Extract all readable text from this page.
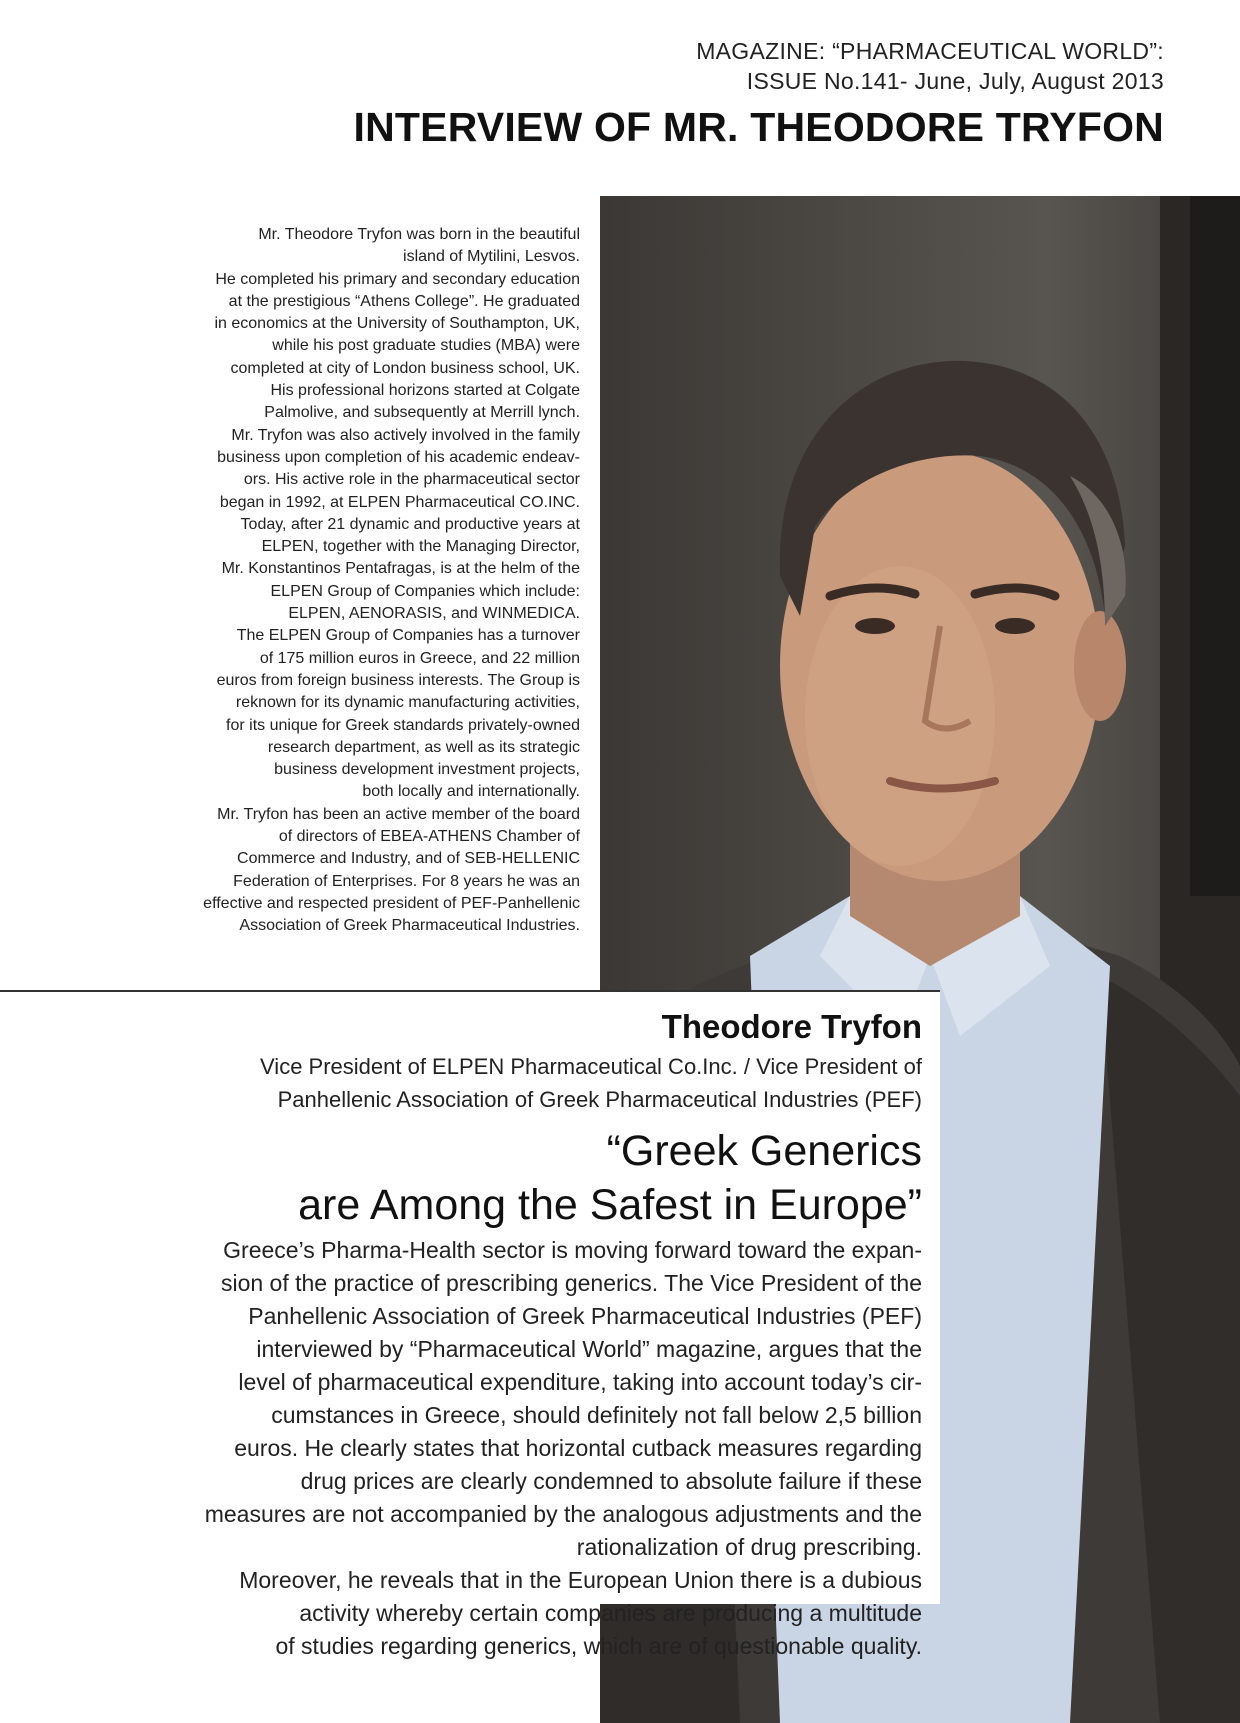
MAGAZINE: “PHARMACEUTICAL WORLD”:
ISSUE No.141- June, July, August 2013
INTERVIEW OF MR. THEODORE TRYFON
Mr. Theodore Tryfon was born in the beautiful
island of Mytilini, Lesvos.
He completed his primary and secondary education
at the prestigious “Athens College”. He graduated
in economics at the University of Southampton, UK,
while his post graduate studies (MBA) were
completed at city of London business school, UK.
His professional horizons started at Colgate
Palmolive, and subsequently at Merrill lynch.
Mr. Tryfon was also actively involved in the family
business upon completion of his academic endeav-
ors. His active role in the pharmaceutical sector
began in 1992, at ELPEN Pharmaceutical CO.INC.
Today, after 21 dynamic and productive years at
ELPEN, together with the Managing Director,
Mr. Konstantinos Pentafragas, is at the helm of the
ELPEN Group of Companies which include:
ELPEN, AENORASIS, and WINMEDICA.
The ELPEN Group of Companies has a turnover
of 175 million euros in Greece, and 22 million
euros from foreign business interests. The Group is
reknown for its dynamic manufacturing activities,
for its unique for Greek standards privately-owned
research department, as well as its strategic
business development investment projects,
both locally and internationally.
Mr. Tryfon has been an active member of the board
of directors of EBEA-ATHENS Chamber of
Commerce and Industry, and of SEB-HELLENIC
Federation of Enterprises. For 8 years he was an
effective and respected president of PEF-Panhellenic
Association of Greek Pharmaceutical Industries.
Theodore Tryfon
Vice President of ELPEN Pharmaceutical Co.Inc. / Vice President of
Panhellenic Association of Greek Pharmaceutical Industries (PEF)
“Greek Generics
are Among the Safest in Europe”
Greece’s Pharma-Health sector is moving forward toward the expan-
sion of the practice of prescribing generics. The Vice President of the
Panhellenic Association of Greek Pharmaceutical Industries (PEF)
interviewed by “Pharmaceutical World” magazine, argues that the
level of pharmaceutical expenditure, taking into account today’s cir-
cumstances in Greece, should definitely not fall below 2,5 billion
euros. He clearly states that horizontal cutback measures regarding
drug prices are clearly condemned to absolute failure if these
measures are not accompanied by the analogous adjustments and the
rationalization of drug prescribing.
Moreover, he reveals that in the European Union there is a dubious
activity whereby certain companies are producing a multitude
of studies regarding generics, which are of questionable quality.
